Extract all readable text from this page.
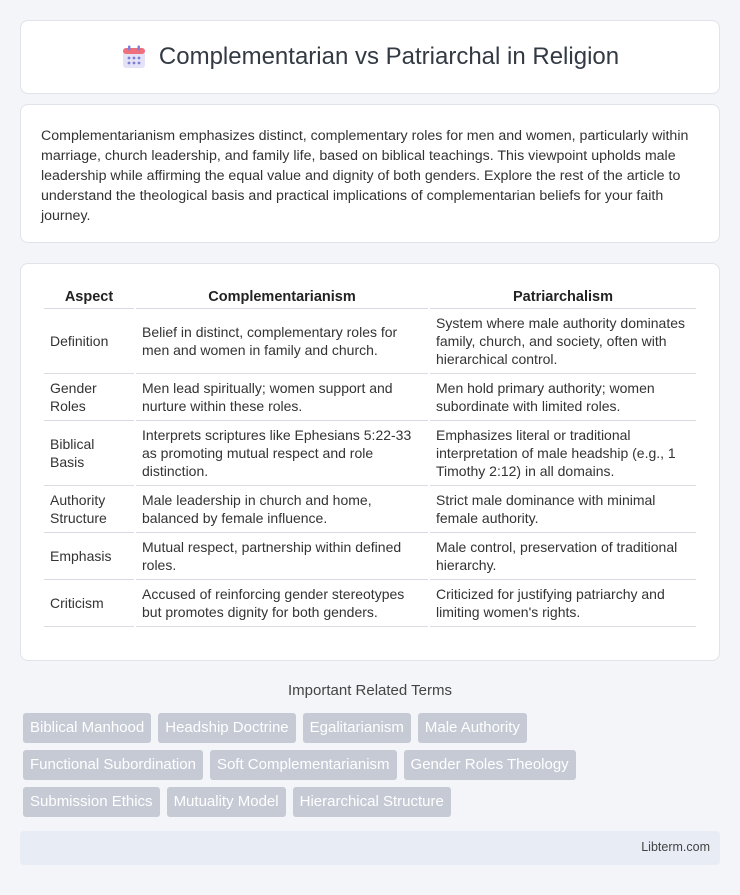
Complementarian vs Patriarchal in Religion

Complementarianism emphasizes distinct, complementary roles for men and women, particularly within marriage, church leadership, and family life, based on biblical teachings. This viewpoint upholds male leadership while affirming the equal value and dignity of both genders. Explore the rest of the article to understand the theological basis and practical implications of complementarian beliefs for your faith journey.

Aspect	Complementarianism	Patriarchalism
Definition	Belief in distinct, complementary roles for men and women in family and church.	System where male authority dominates family, church, and society, often with hierarchical control.
Gender Roles	Men lead spiritually; women support and nurture within these roles.	Men hold primary authority; women subordinate with limited roles.
Biblical Basis	Interprets scriptures like Ephesians 5:22-33 as promoting mutual respect and role distinction.	Emphasizes literal or traditional interpretation of male headship (e.g., 1 Timothy 2:12) in all domains.
Authority Structure	Male leadership in church and home, balanced by female influence.	Strict male dominance with minimal female authority.
Emphasis	Mutual respect, partnership within defined roles.	Male control, preservation of traditional hierarchy.
Criticism	Accused of reinforcing gender stereotypes but promotes dignity for both genders.	Criticized for justifying patriarchy and limiting women's rights.
Important Related Terms
Biblical Manhood	Headship Doctrine	Egalitarianism	Male Authority
Functional Subordination	Soft Complementarianism	Gender Roles Theology
Submission Ethics	Mutuality Model	Hierarchical Structure
Libterm.com
